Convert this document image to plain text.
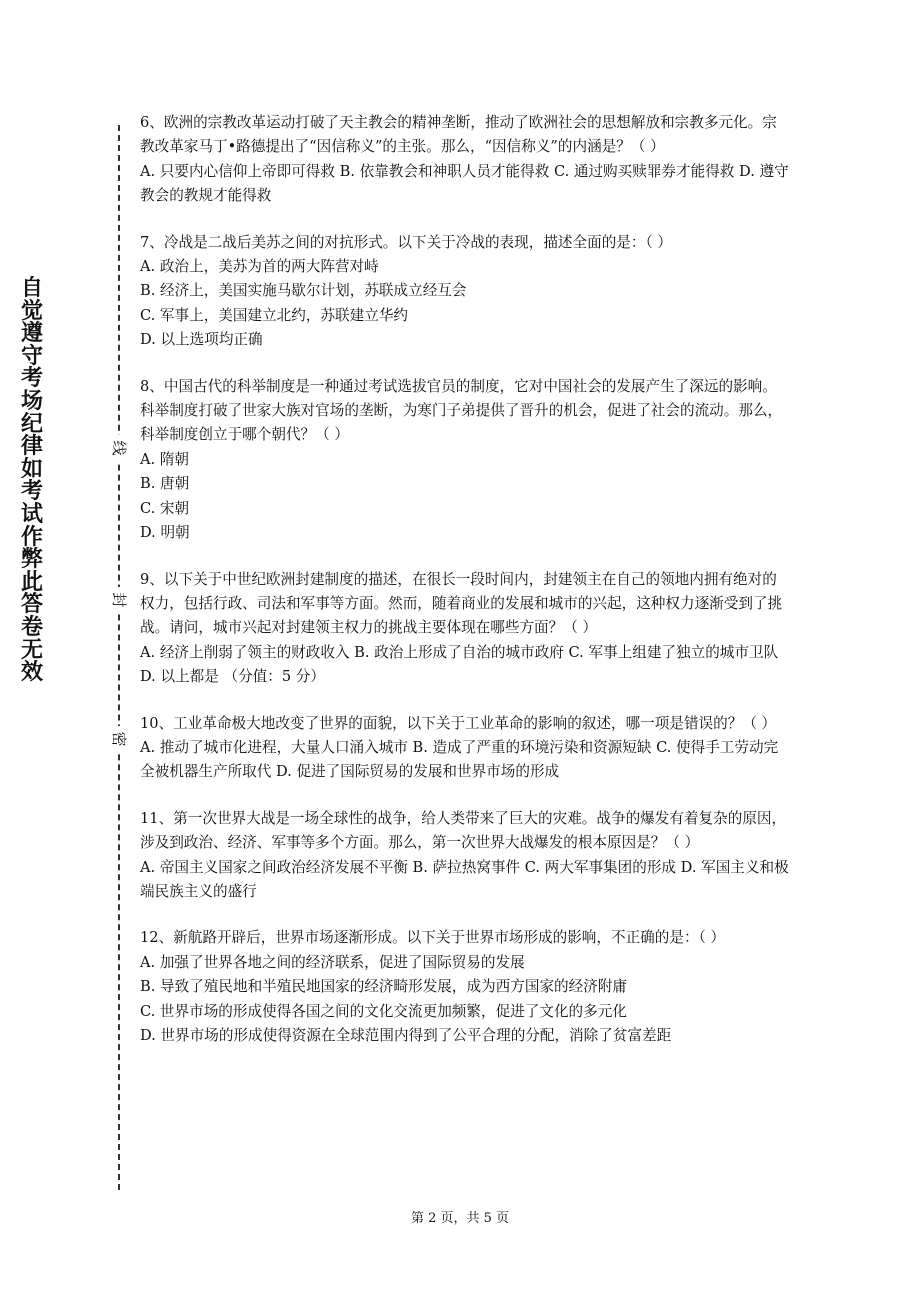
自觉遵守考场纪律如考试作弊此答卷无效
线
封
密

6、欧洲的宗教改革运动打破了天主教会的精神垄断，推动了欧洲社会的思想解放和宗教多元化。宗教改革家马丁•路德提出了“因信称义”的主张。那么，“因信称义”的内涵是？（ ）

A. 只要内心信仰上帝即可得救 B. 依靠教会和神职人员才能得救 C. 通过购买赎罪券才能得救 D. 遵守教会的教规才能得救

7、冷战是二战后美苏之间的对抗形式。以下关于冷战的表现，描述全面的是：（ ）

A. 政治上，美苏为首的两大阵营对峙

B. 经济上，美国实施马歇尔计划，苏联成立经互会

C. 军事上，美国建立北约，苏联建立华约

D. 以上选项均正确

8、中国古代的科举制度是一种通过考试选拔官员的制度，它对中国社会的发展产生了深远的影响。科举制度打破了世家大族对官场的垄断，为寒门子弟提供了晋升的机会，促进了社会的流动。那么，科举制度创立于哪个朝代？（ ）

A. 隋朝

B. 唐朝

C. 宋朝

D. 明朝

9、以下关于中世纪欧洲封建制度的描述，在很长一段时间内，封建领主在自己的领地内拥有绝对的权力，包括行政、司法和军事等方面。然而，随着商业的发展和城市的兴起，这种权力逐渐受到了挑战。请问，城市兴起对封建领主权力的挑战主要体现在哪些方面？（ ）

A. 经济上削弱了领主的财政收入 B. 政治上形成了自治的城市政府 C. 军事上组建了独立的城市卫队 D. 以上都是 （分值：5 分）

10、工业革命极大地改变了世界的面貌，以下关于工业革命的影响的叙述，哪一项是错误的？（ ）

A. 推动了城市化进程，大量人口涌入城市 B. 造成了严重的环境污染和资源短缺 C. 使得手工劳动完全被机器生产所取代 D. 促进了国际贸易的发展和世界市场的形成

11、第一次世界大战是一场全球性的战争，给人类带来了巨大的灾难。战争的爆发有着复杂的原因，涉及到政治、经济、军事等多个方面。那么，第一次世界大战爆发的根本原因是？（ ）

A. 帝国主义国家之间政治经济发展不平衡 B. 萨拉热窝事件 C. 两大军事集团的形成 D. 军国主义和极端民族主义的盛行

12、新航路开辟后，世界市场逐渐形成。以下关于世界市场形成的影响，不正确的是：（ ）

A. 加强了世界各地之间的经济联系，促进了国际贸易的发展

B. 导致了殖民地和半殖民地国家的经济畸形发展，成为西方国家的经济附庸

C. 世界市场的形成使得各国之间的文化交流更加频繁，促进了文化的多元化

D. 世界市场的形成使得资源在全球范围内得到了公平合理的分配，消除了贫富差距

第 2 页，共 5 页
